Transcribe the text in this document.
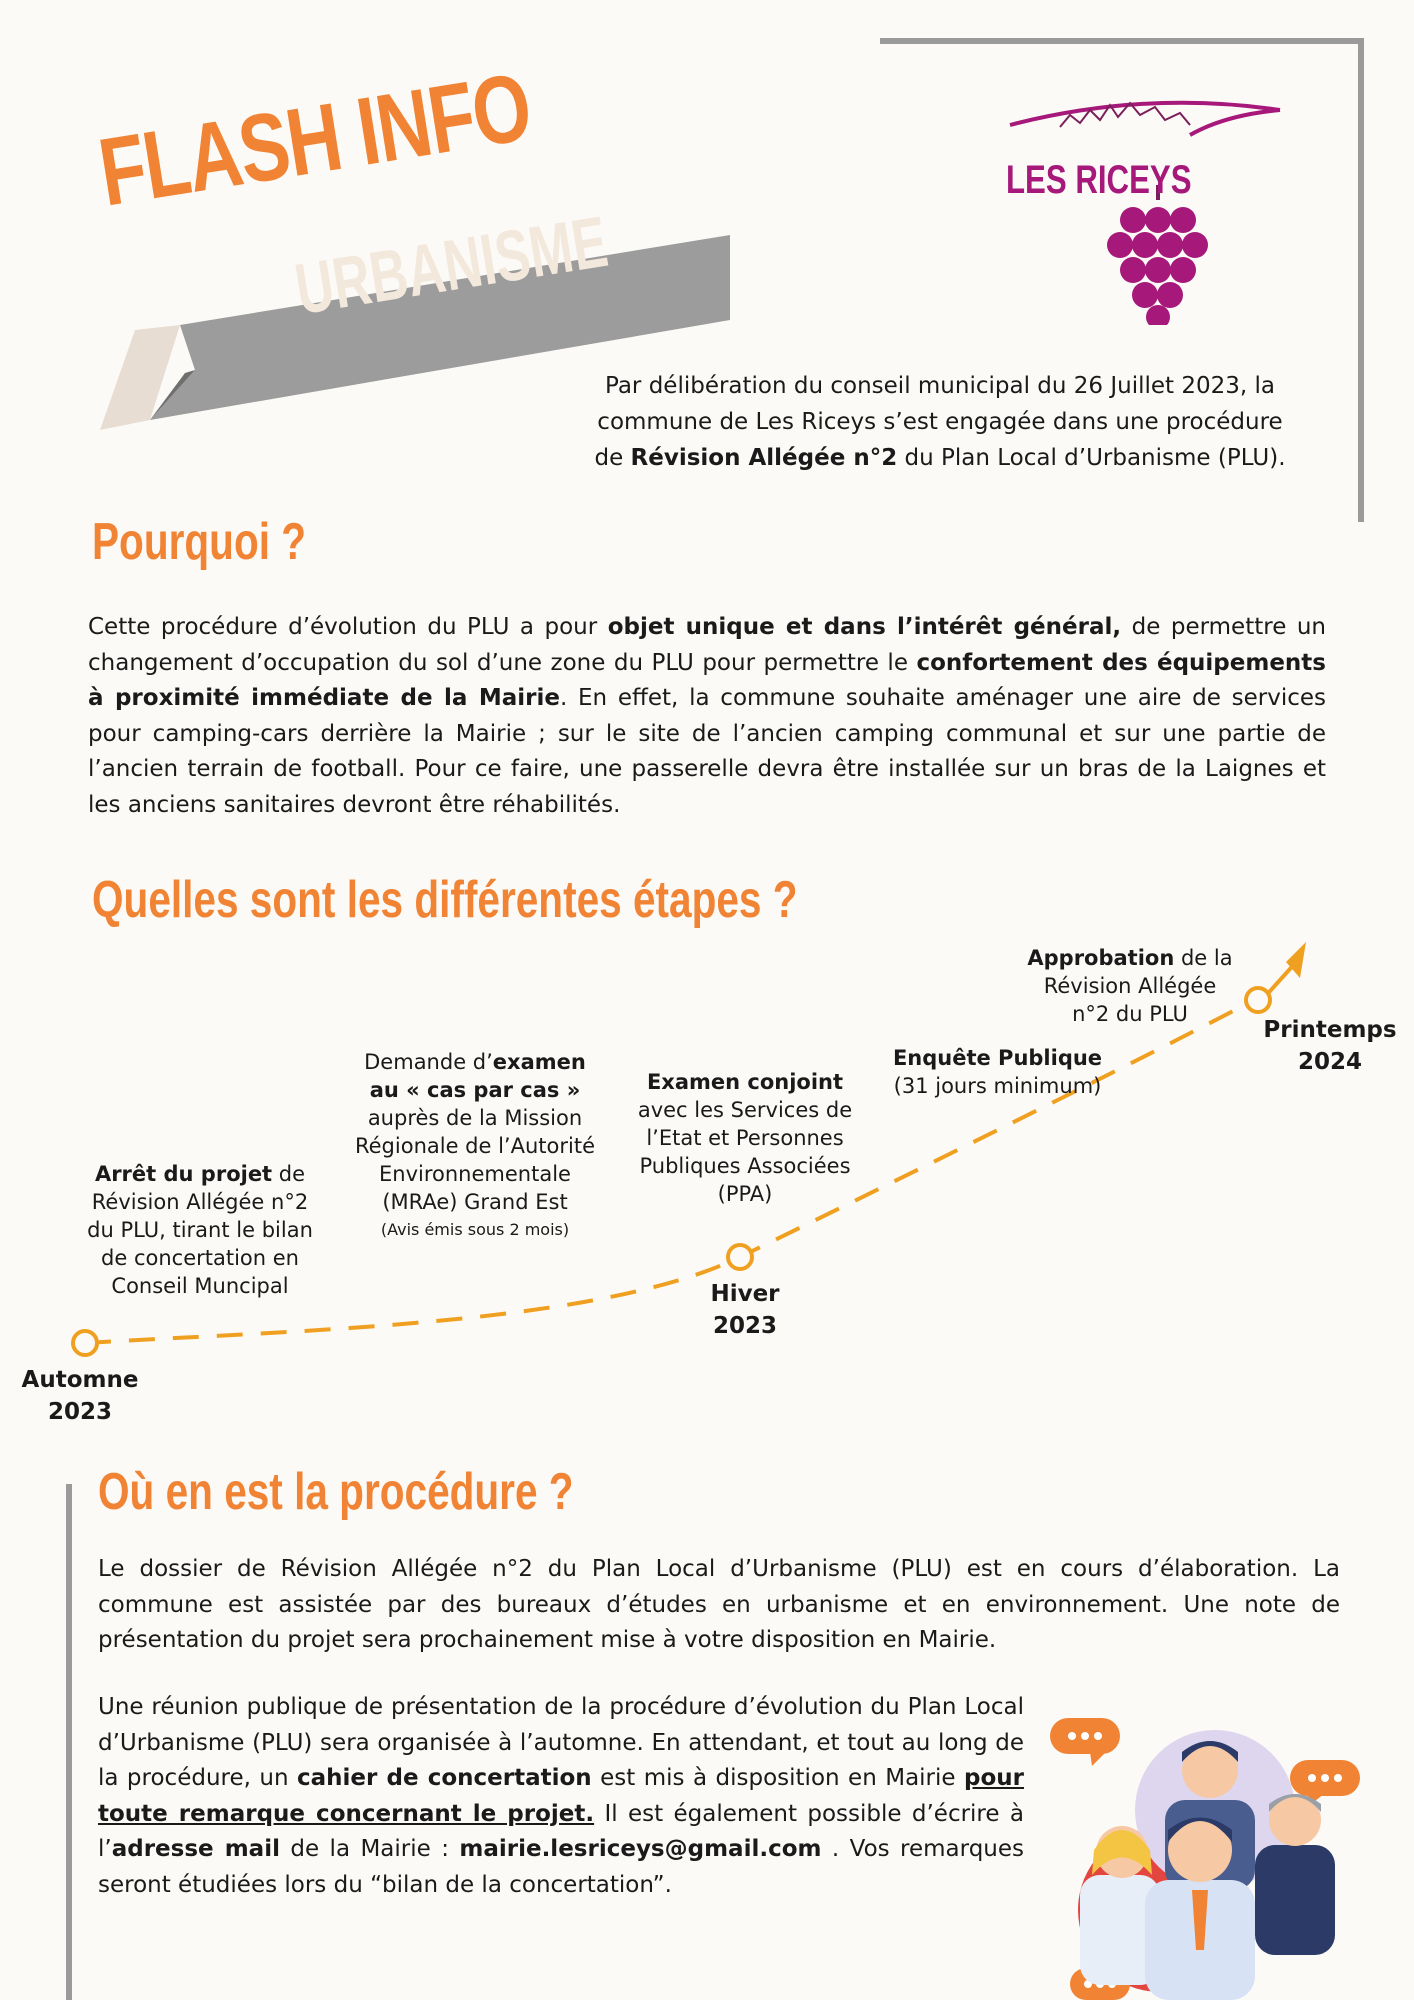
FLASH INFO
URBANISME
LES RICEYS
Par délibération du conseil municipal du 26 Juillet 2023, la
commune de Les Riceys s’est engagée dans une procédure
de Révision Allégée n°2 du Plan Local d’Urbanisme (PLU).
Pourquoi ?
Cette procédure d’évolution du PLU a pour objet unique et dans l’intérêt général, de permettre un changement d’occupation du sol d’une zone du PLU pour permettre le confortement des équipements à proximité immédiate de la Mairie. En effet, la commune souhaite aménager une aire de services pour camping-cars derrière la Mairie ; sur le site de l’ancien camping communal et sur une partie de l’ancien terrain de football. Pour ce faire, une passerelle devra être installée sur un bras de la Laignes et les anciens sanitaires devront être réhabilités.
Quelles sont les différentes étapes ?
Automne
2023
Hiver
2023
Printemps
2024
Arrêt du projet de
Révision Allégée n°2
du PLU, tirant le bilan
de concertation en
Conseil Muncipal
Demande d’examen
au « cas par cas »
auprès de la Mission
Régionale de l’Autorité
Environnementale
(MRAe) Grand Est
(Avis émis sous 2 mois)
Examen conjoint
avec les Services de
l’Etat et Personnes
Publiques Associées
(PPA)
Enquête Publique
(31 jours minimum)
Approbation de la
Révision Allégée
n°2 du PLU
Où en est la procédure ?
Le dossier de Révision Allégée n°2 du Plan Local d’Urbanisme (PLU) est en cours d’élaboration. La commune est assistée par des bureaux d’études en urbanisme et en environnement. Une note de présentation du projet sera prochainement mise à votre disposition en Mairie.
Une réunion publique de présentation de la procédure d’évolution du Plan Local d’Urbanisme (PLU) sera organisée à l’automne. En attendant, et tout au long de la procédure, un cahier de concertation est mis à disposition en Mairie pour toute remarque concernant le projet. Il est également possible d’écrire à l’adresse mail de la Mairie : mairie.lesriceys@gmail.com . Vos remarques seront étudiées lors du “bilan de la concertation”.
